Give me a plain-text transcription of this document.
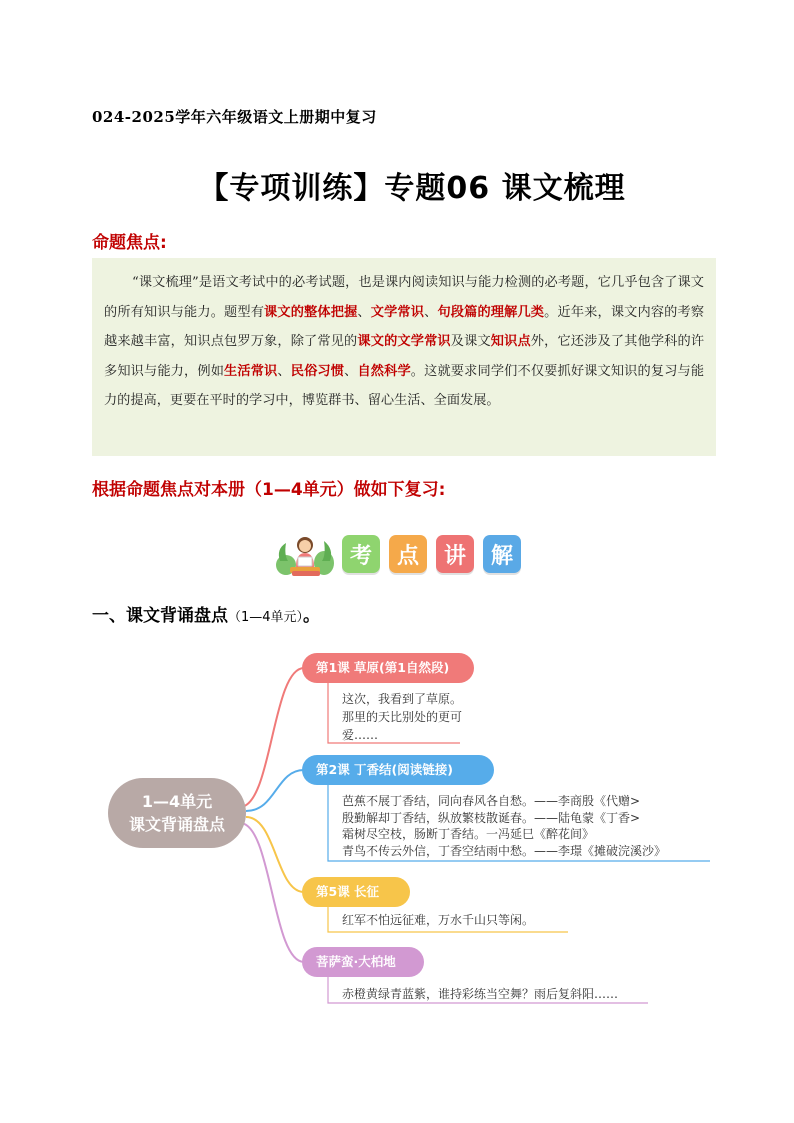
024-2025学年六年级语文上册期中复习
【专项训练】专题06 课文梳理
命题焦点:
“课文梳理”是语文考试中的必考试题，也是课内阅读知识与能力检测的必考题，它几乎包含了课文的所有知识与能力。题型有课文的整体把握、文学常识、句段篇的理解几类。近年来，课文内容的考察越来越丰富，知识点包罗万象，除了常见的课文的文学常识及课文知识点外，它还涉及了其他学科的许多知识与能力，例如生活常识、民俗习惯、自然科学。这就要求同学们不仅要抓好课文知识的复习与能力的提高，更要在平时的学习中，博览群书、留心生活、全面发展。
根据命题焦点对本册（1—4单元）做如下复习:
考	点	讲	解
一、课文背诵盘点（1—4单元）。
1—4单元
课文背诵盘点
第1课 草原(第1自然段)
这次，我看到了草原。那里的天比别处的更可爱……
第2课 丁香结(阅读链接)
芭蕉不展丁香结，同向春风各自愁。——李商殷《代赠>
殷勤解却丁香结，纵放繁枝散诞春。——陆龟蒙《丁香>
霜树尽空枝，肠断丁香结。一冯延巳《醉花间》
青鸟不传云外信，丁香空结雨中愁。——李璟《摊破浣溪沙》
第5课 长征
红军不怕远征难，万水千山只等闲。
菩萨蛮·大柏地
赤橙黄绿青蓝紫，谁持彩练当空舞？雨后复斜阳……
